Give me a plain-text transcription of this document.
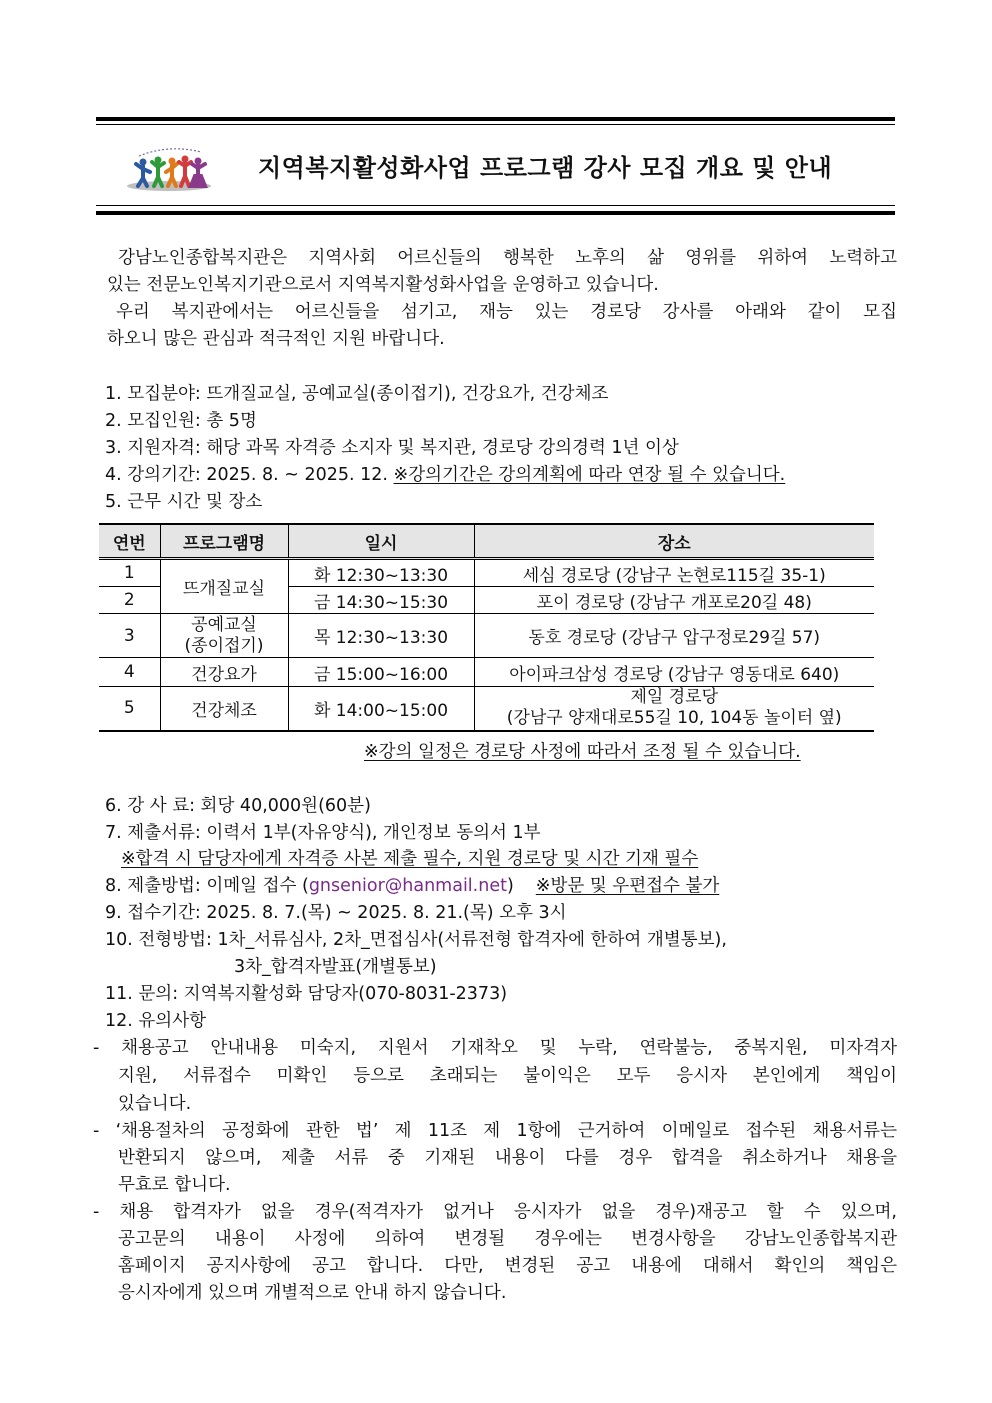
지역복지활성화사업 프로그램 강사 모집 개요 및 안내
강남노인종합복지관은 지역사회 어르신들의 행복한 노후의 삶 영위를 위하여 노력하고
있는 전문노인복지기관으로서 지역복지활성화사업을 운영하고 있습니다.
우리 복지관에서는 어르신들을 섬기고, 재능 있는 경로당 강사를 아래와 같이 모집
하오니 많은 관심과 적극적인 지원 바랍니다.
1. 모집분야: 뜨개질교실, 공예교실(종이접기), 건강요가, 건강체조
2. 모집인원: 총 5명
3. 지원자격: 해당 과목 자격증 소지자 및 복지관, 경로당 강의경력 1년 이상
4. 강의기간: 2025. 8. ~ 2025. 12. ※강의기간은 강의계획에 따라 연장 될 수 있습니다.
5. 근무 시간 및 장소
연번	프로그램명	일시	장소
1	뜨개질교실	화 12:30~13:30	세심 경로당 (강남구 논현로115길 35-1)
2		금 14:30~15:30	포이 경로당 (강남구 개포로20길 48)
3	공예교실
(종이접기)	목 12:30~13:30	동호 경로당 (강남구 압구정로29길 57)
4	건강요가	금 15:00~16:00	아이파크삼성 경로당 (강남구 영동대로 640)
5	건강체조	화 14:00~15:00	제일 경로당
(강남구 양재대로55길 10, 104동 놀이터 옆)
※강의 일정은 경로당 사정에 따라서 조정 될 수 있습니다.
6. 강 사 료: 회당 40,000원(60분)
7. 제출서류: 이력서 1부(자유양식), 개인정보 동의서 1부
※합격 시 담당자에게 자격증 사본 제출 필수, 지원 경로당 및 시간 기재 필수
8. 제출방법: 이메일 접수 (gnsenior@hanmail.net) ※방문 및 우편접수 불가
9. 접수기간: 2025. 8. 7.(목) ~ 2025. 8. 21.(목) 오후 3시
10. 전형방법: 1차_서류심사, 2차_면접심사(서류전형 합격자에 한하여 개별통보),
3차_합격자발표(개별통보)
11. 문의: 지역복지활성화 담당자(070-8031-2373)
12. 유의사항
- 채용공고 안내내용 미숙지, 지원서 기재착오 및 누락, 연락불능, 중복지원, 미자격자
지원, 서류접수 미확인 등으로 초래되는 불이익은 모두 응시자 본인에게 책임이
있습니다.
- ‘채용절차의 공정화에 관한 법’ 제 11조 제 1항에 근거하여 이메일로 접수된 채용서류는
반환되지 않으며, 제출 서류 중 기재된 내용이 다를 경우 합격을 취소하거나 채용을
무효로 합니다.
- 채용 합격자가 없을 경우(적격자가 없거나 응시자가 없을 경우)재공고 할 수 있으며,
공고문의 내용이 사정에 의하여 변경될 경우에는 변경사항을 강남노인종합복지관
홈페이지 공지사항에 공고 합니다. 다만, 변경된 공고 내용에 대해서 확인의 책임은
응시자에게 있으며 개별적으로 안내 하지 않습니다.
